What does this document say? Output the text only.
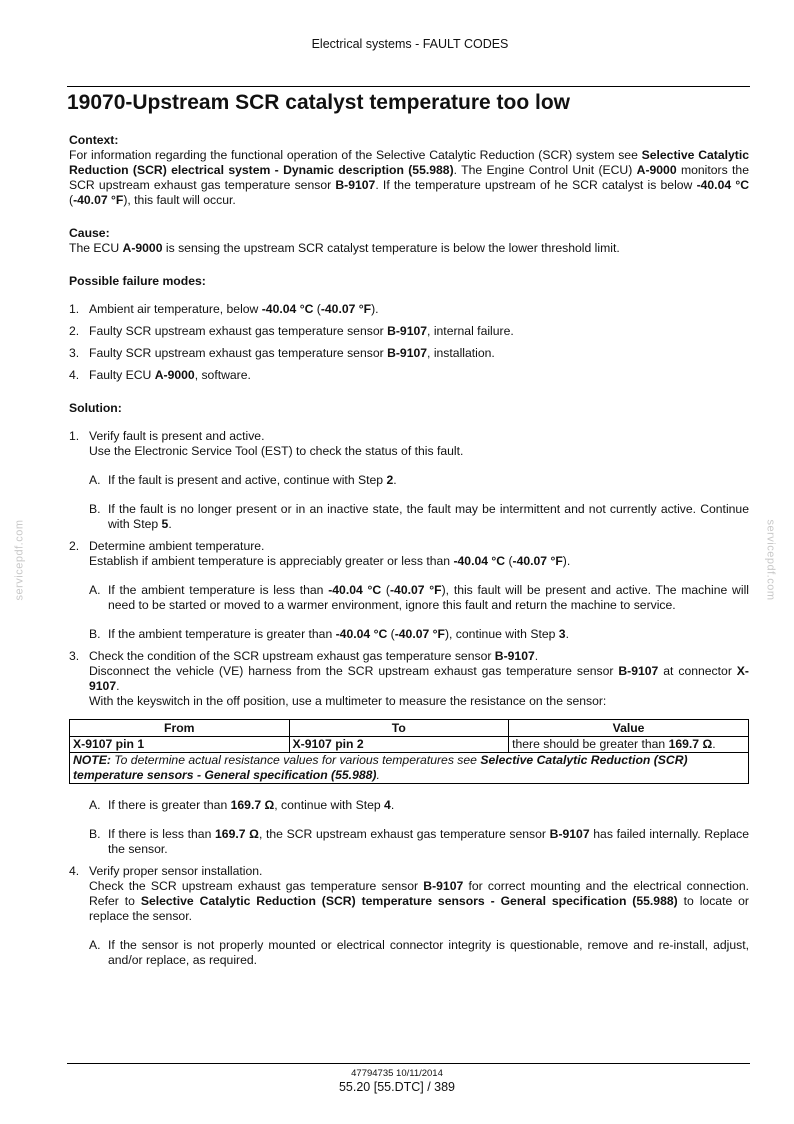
Electrical systems - FAULT CODES
19070-Upstream SCR catalyst temperature too low
servicepdf.com	servicepdf.com

Context:

For information regarding the functional operation of the Selective Catalytic Reduction (SCR) system see Selective Catalytic Reduction (SCR) electrical system - Dynamic description (55.988). The Engine Control Unit (ECU) A-9000 monitors the SCR upstream exhaust gas temperature sensor B-9107. If the temperature upstream of he SCR catalyst is below -40.04 °C (-40.07 °F), this fault will occur.

Cause:

The ECU A-9000 is sensing the upstream SCR catalyst temperature is below the lower threshold limit.

Possible failure modes:

1. Ambient air temperature, below -40.04 °C (-40.07 °F).
2. Faulty SCR upstream exhaust gas temperature sensor B-9107, internal failure.
3. Faulty SCR upstream exhaust gas temperature sensor B-9107, installation.
4. Faulty ECU A-9000, software.

Solution:

1. Verify fault is present and active.

Use the Electronic Service Tool (EST) to check the status of this fault.

A. If the fault is present and active, continue with Step 2.
B. If the fault is no longer present or in an inactive state, the fault may be intermittent and not currently active. Continue with Step 5.
2. Determine ambient temperature.

Establish if ambient temperature is appreciably greater or less than -40.04 °C (-40.07 °F).

A. If the ambient temperature is less than -40.04 °C (-40.07 °F), this fault will be present and active. The machine will need to be started or moved to a warmer environment, ignore this fault and return the machine to service.
B. If the ambient temperature is greater than -40.04 °C (-40.07 °F), continue with Step 3.
3. Check the condition of the SCR upstream exhaust gas temperature sensor B-9107.

Disconnect the vehicle (VE) harness from the SCR upstream exhaust gas temperature sensor B-9107 at connector X-9107.

With the keyswitch in the off position, use a multimeter to measure the resistance on the sensor:

From	To	Value
X-9107 pin 1	X-9107 pin 2	there should be greater than 169.7 Ω.
NOTE: To determine actual resistance values for various temperatures see Selective Catalytic Reduction (SCR) temperature sensors - General specification (55.988).		
A. If there is greater than 169.7 Ω, continue with Step 4.
B. If there is less than 169.7 Ω, the SCR upstream exhaust gas temperature sensor B-9107 has failed internally. Replace the sensor.
4. Verify proper sensor installation.

Check the SCR upstream exhaust gas temperature sensor B-9107 for correct mounting and the electrical connection. Refer to Selective Catalytic Reduction (SCR) temperature sensors - General specification (55.988) to locate or replace the sensor.

A. If the sensor is not properly mounted or electrical connector integrity is questionable, remove and re-install, adjust, and/or replace, as required.
47794735 10/11/2014
55.20 [55.DTC] / 389
